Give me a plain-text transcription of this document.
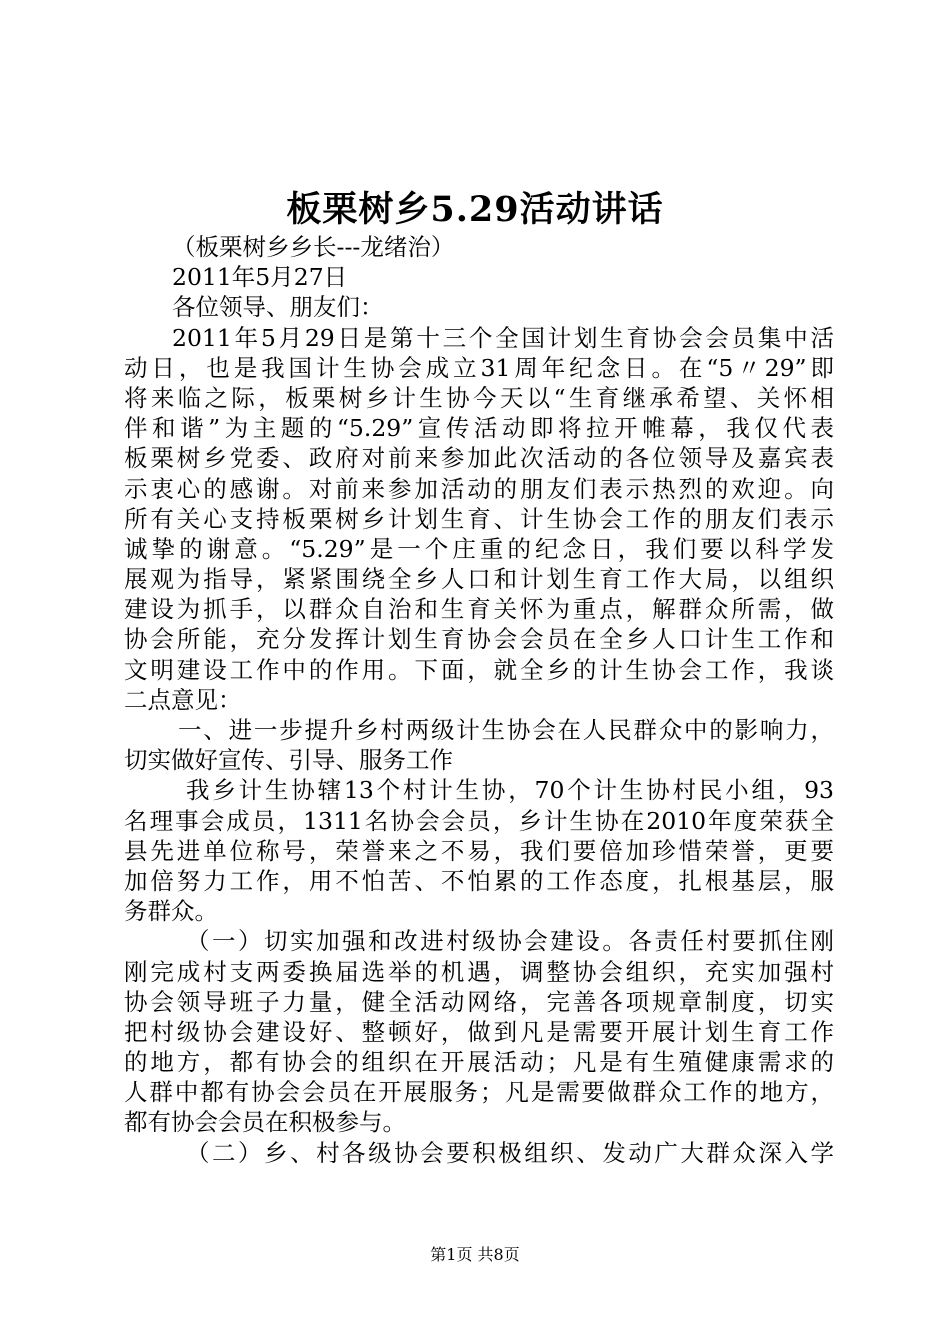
板栗树乡5.29活动讲话
（板栗树乡乡长---龙绪治）
2011年5月27日
各位领导、朋友们：
2011年5月29日是第十三个全国计划生育协会会员集中活
动日，也是我国计生协会成立31周年纪念日。在“5〃29”即
将来临之际，板栗树乡计生协今天以“生育继承希望、关怀相
伴和谐”为主题的“5.29”宣传活动即将拉开帷幕，我仅代表
板栗树乡党委、政府对前来参加此次活动的各位领导及嘉宾表
示衷心的感谢。对前来参加活动的朋友们表示热烈的欢迎。向
所有关心支持板栗树乡计划生育、计生协会工作的朋友们表示
诚挚的谢意。“5.29”是一个庄重的纪念日，我们要以科学发
展观为指导，紧紧围绕全乡人口和计划生育工作大局，以组织
建设为抓手，以群众自治和生育关怀为重点，解群众所需，做
协会所能，充分发挥计划生育协会会员在全乡人口计生工作和
文明建设工作中的作用。下面，就全乡的计生协会工作，我谈
二点意见：
一、进一步提升乡村两级计生协会在人民群众中的影响力，
切实做好宣传、引导、服务工作
我乡计生协辖13个村计生协，70个计生协村民小组，93
名理事会成员，1311名协会会员，乡计生协在2010年度荣获全
县先进单位称号，荣誉来之不易，我们要倍加珍惜荣誉，更要
加倍努力工作，用不怕苦、不怕累的工作态度，扎根基层，服
务群众。
（一）切实加强和改进村级协会建设。各责任村要抓住刚
刚完成村支两委换届选举的机遇，调整协会组织，充实加强村
协会领导班子力量，健全活动网络，完善各项规章制度，切实
把村级协会建设好、整顿好，做到凡是需要开展计划生育工作
的地方，都有协会的组织在开展活动；凡是有生殖健康需求的
人群中都有协会会员在开展服务；凡是需要做群众工作的地方，
都有协会会员在积极参与。
（二）乡、村各级协会要积极组织、发动广大群众深入学
第1页 共8页
